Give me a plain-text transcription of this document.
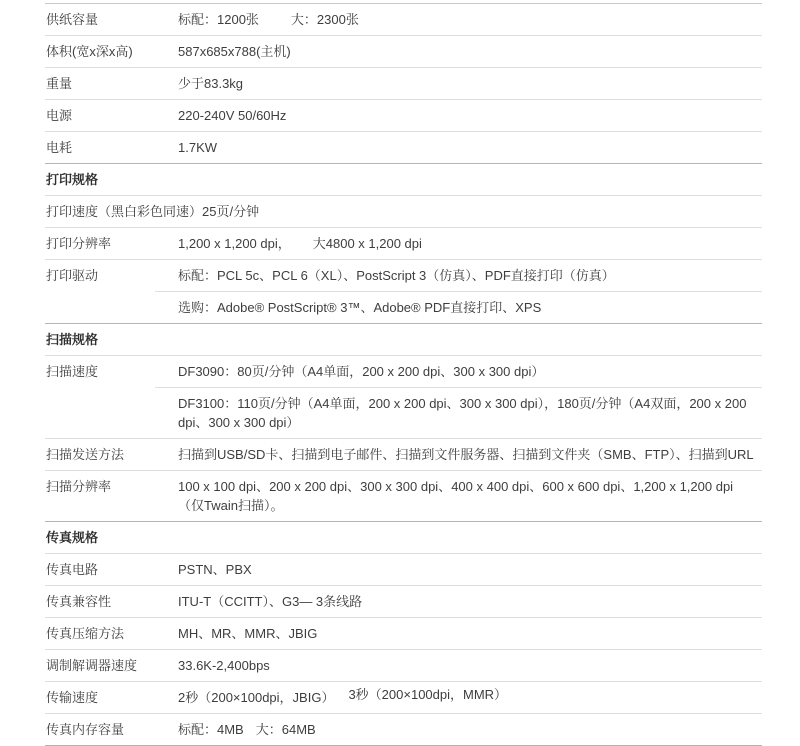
供纸容量	标配：1200张 大：2300张
体积(宽x深x高)	587x685x788(主机)
重量	少于83.3kg
电源	220-240V 50/60Hz
电耗	1.7KW
打印规格
打印速度（黑白彩色同速）25页/分钟
打印分辨率	1,200 x 1,200 dpi， 大4800 x 1,200 dpi
打印驱动	标配：PCL 5c、PCL 6（XL）、PostScript 3（仿真）、PDF直接打印（仿真）
选购：Adobe® PostScript® 3™、Adobe® PDF直接打印、XPS
扫描规格
扫描速度	DF3090：80页/分钟（A4单面，200 x 200 dpi、300 x 300 dpi）
DF3100：110页/分钟（A4单面，200 x 200 dpi、300 x 300 dpi），180页/分钟（A4双面，200 x 200 dpi、300 x 300 dpi）
扫描发送方法	扫描到USB/SD卡、扫描到电子邮件、扫描到文件服务器、扫描到文件夹（SMB、FTP）、扫描到URL
扫描分辨率	100 x 100 dpi、200 x 200 dpi、300 x 300 dpi、400 x 400 dpi、600 x 600 dpi、1,200 x 1,200 dpi（仅Twain扫描）。
传真规格
传真电路	PSTN、PBX
传真兼容性	ITU-T（CCITT）、G3— 3条线路
传真压缩方法	MH、MR、MMR、JBIG
调制解调器速度	33.6K-2,400bps
传输速度	2秒（200×100dpi，JBIG） 3秒（200×100dpi，MMR）
传真内存容量	标配：4MB 大：64MB
